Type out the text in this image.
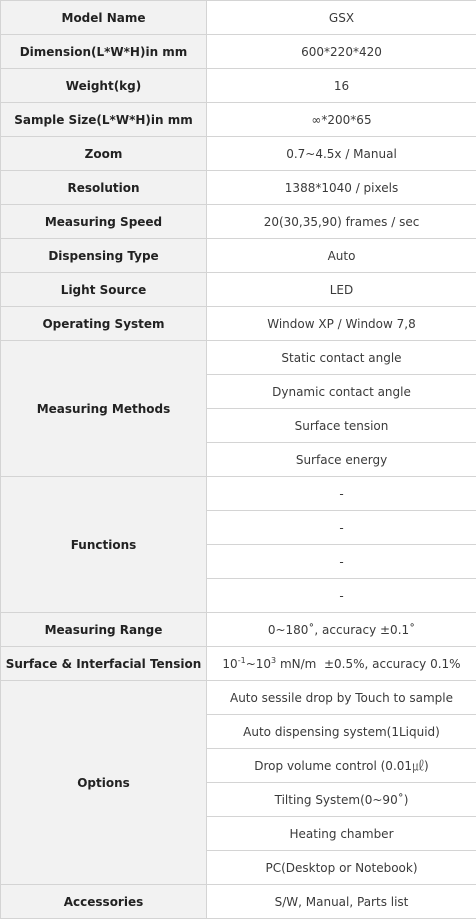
Model Name	GSX
Dimension(L*W*H)in mm	600*220*420
Weight(kg)	16
Sample Size(L*W*H)in mm	∞*200*65
Zoom	0.7~4.5x / Manual
Resolution	1388*1040 / pixels
Measuring Speed	20(30,35,90) frames / sec
Dispensing Type	Auto
Light Source	LED
Operating System	Window XP / Window 7,8
Measuring Methods	Static contact angle
	Dynamic contact angle
	Surface tension
	Surface energy
Functions	-
	-
	-
	-
Measuring Range	0~180˚, accuracy ±0.1˚
Surface & Interfacial Tension	$10^{-1}\sim 10^3$ mN/m  ±0.5%, accuracy 0.1%
Options	Auto sessile drop by Touch to sample
	Auto dispensing system(1Liquid)
	Drop volume control (0.01㎕)
	Tilting System(0~90˚)
	Heating chamber
	PC(Desktop or Notebook)
Accessories	S/W, Manual, Parts list
